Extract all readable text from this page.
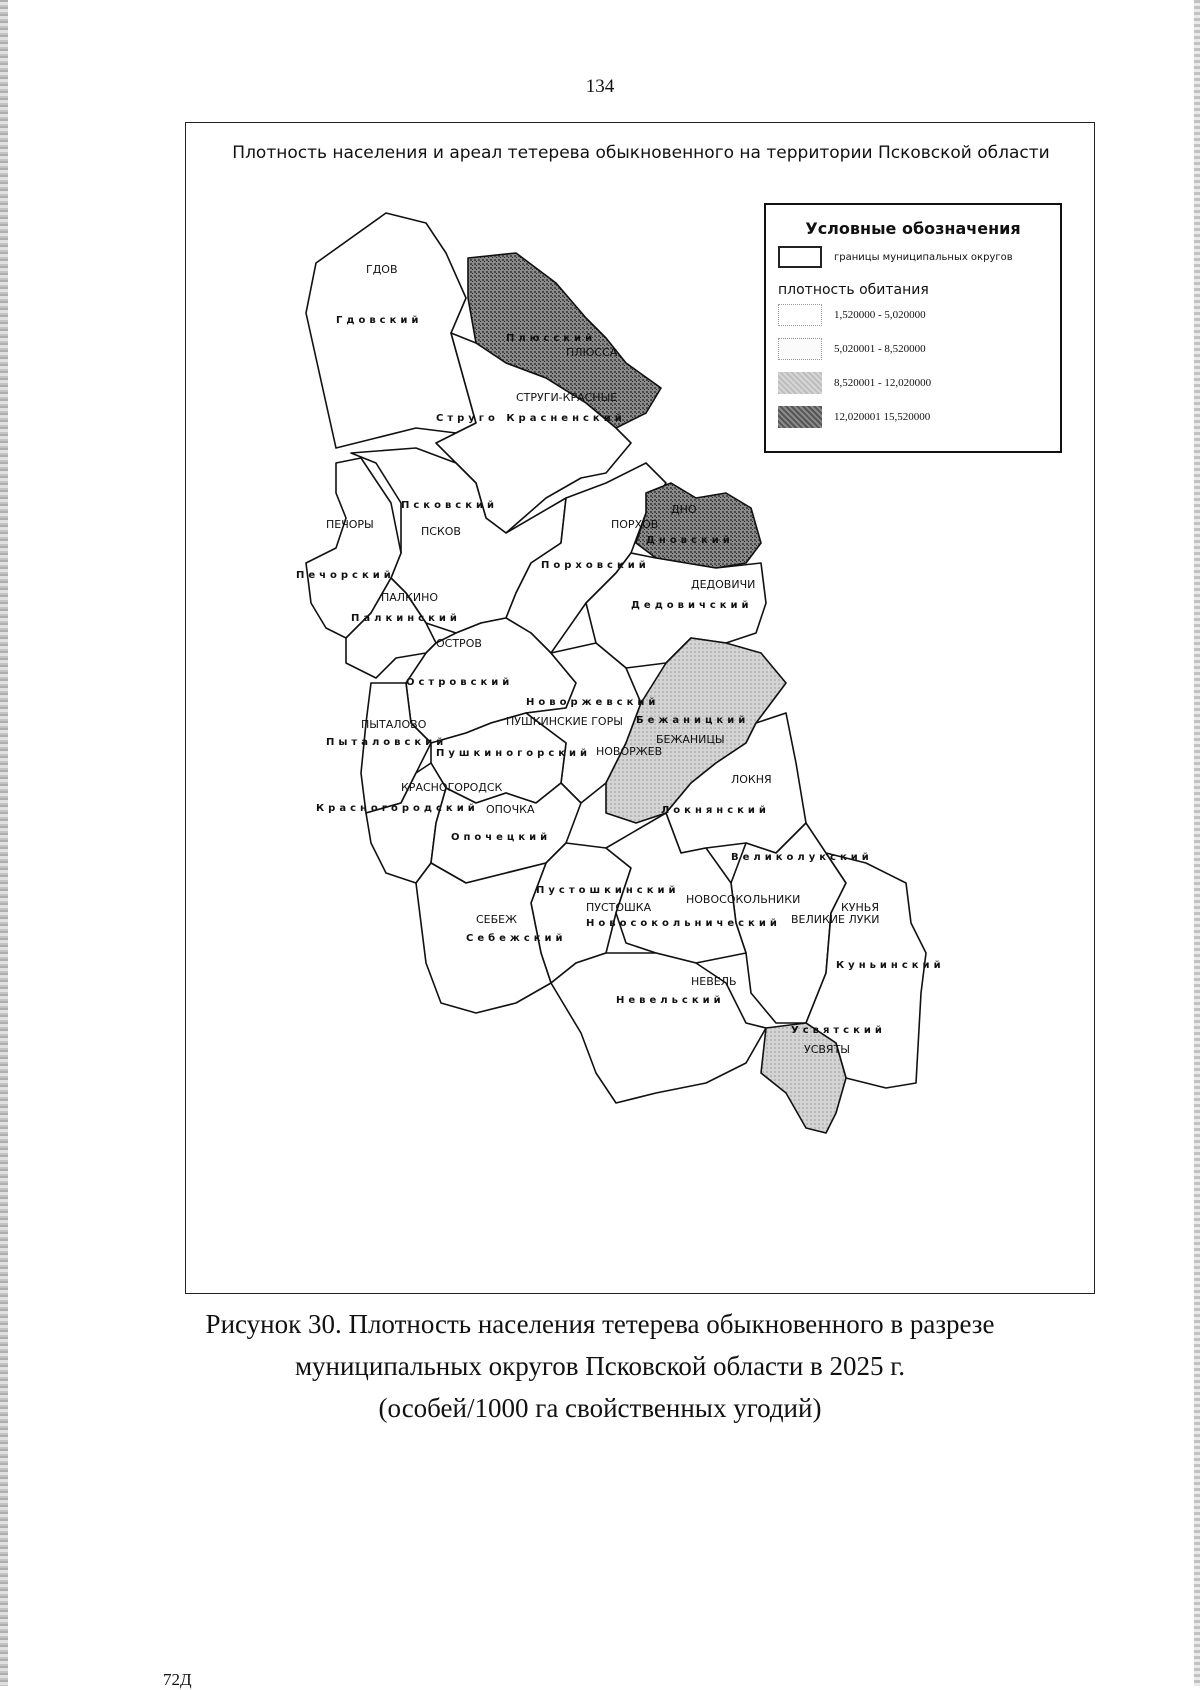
134
Плотность населения и ареал тетерева обыкновенного на территории Псковской области
ГДОВ
Гдовский
Плюсский
ПЛЮССА
СТРУГИ-КРАСНЫЕ
Струго Красненский
ПЕЧОРЫ
Псковский
ПСКОВ
Печорский
ПОРХОВ
ДНО
Порховский
Дновский
ДЕДОВИЧИ
Дедовичский
ПАЛКИНО
Палкинский
ОСТРОВ
Островский
Новоржевский
Бежаницкий
БЕЖАНИЦЫ
ПЫТАЛОВО
Пыталовский
ПУШКИНСКИЕ ГОРЫ
Пушкиногорский НОВОРЖЕВ
КРАСНОГОРОДСК
Красногородский ОПОЧКА
Опочецкий
ЛОКНЯ
Локнянский
Великолукский
Пустошкинский
НОВОСОКОЛЬНИКИ
ПУСТОШКА
Новосокольнический ВЕЛИКИЕ ЛУКИ
КУНЬЯ
СЕБЕЖ
Себежский
НЕВЕЛЬ
Невельский
Куньинский
Усвятский
УСВЯТЫ
Условные обозначения
границы муниципальных округов
плотность обитания
1,520000 - 5,020000
5,020001 - 8,520000
8,520001 - 12,020000
12,020001 15,520000
Рисунок 30. Плотность населения тетерева обыкновенного в разрезе
муниципальных округов Псковской области в 2025 г.
(особей/1000 га свойственных угодий)
72Д
